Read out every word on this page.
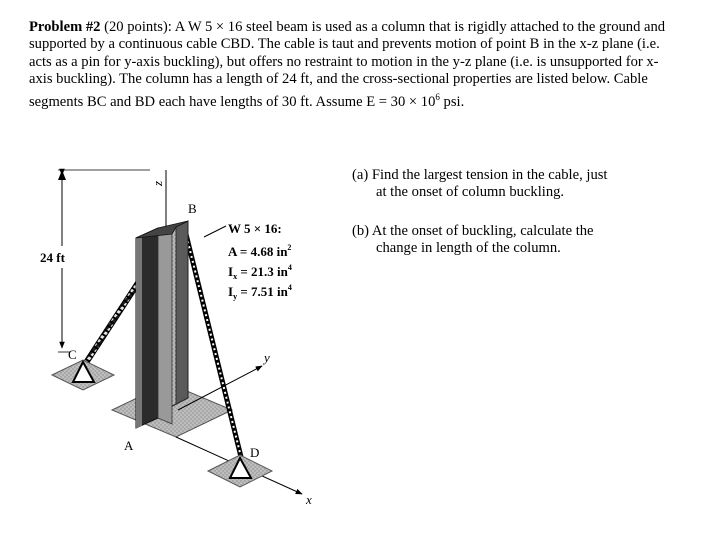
Problem #2 (20 points): A W 5 × 16 steel beam is used as a column that is rigidly attached to the ground and supported by a continuous cable CBD. The cable is taut and prevents motion of point B in the x-z plane (i.e. acts as a pin for y-axis buckling), but offers no restraint to motion in the y-z plane (i.e. is unsupported for x-axis buckling). The column has a length of 24 ft, and the cross-sectional properties are listed below. Cable segments BC and BD each have lengths of 30 ft. Assume $E = 30 \times 10^6$ psi.
(a) Find the largest tension in the cable, just
at the onset of column buckling.
(b) At the onset of buckling, calculate the
change in length of the column.
z
y
x
C
D
B
A
24 ft
W 5 × 16:
A = 4.68 $in^2$
$I_x = 21.3$ $in^4$
$I_y = 7.51$ $in^4$
